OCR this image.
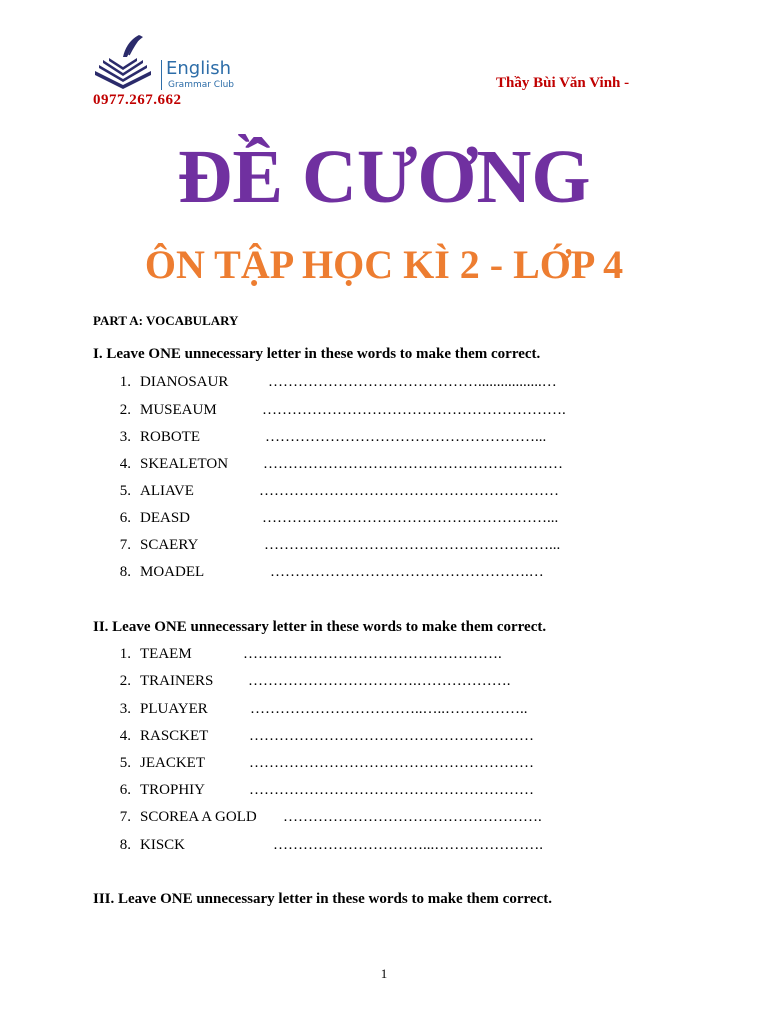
English
Grammar Club
0977.267.662
Thầy Bùi Văn Vinh -
ĐỀ CƯƠNG
ÔN TẬP HỌC KÌ 2 - LỚP 4
PART A: VOCABULARY
I. Leave ONE unnecessary letter in these words to make them correct.
1. DIANOSAUR	…………………………………….................…
2. MUSEAUM	…………………………………………………….
3. ROBOTE	………………………………………………...
4. SKEALETON ……………………………………………………
5. ALIAVE	……………………………………………………
6. DEASD	…………………………………………………...
7. SCAERY	…………………………………………………...
8. MOADEL	…………………………………………….…
II. Leave ONE unnecessary letter in these words to make them correct.
1. TEAEM	…………………………………………….
2. TRAINERS …………………………….……………….
3. PLUAYER	……………………………..…..……………..
4. RASCKET	…………………………………………………
5. JEACKET	…………………………………………………
6. TROPHIY	…………………………………………………
7. SCOREA A GOLD …………………………………………….
8. KISCK	…………………………...………………….
III. Leave ONE unnecessary letter in these words to make them correct.
1
